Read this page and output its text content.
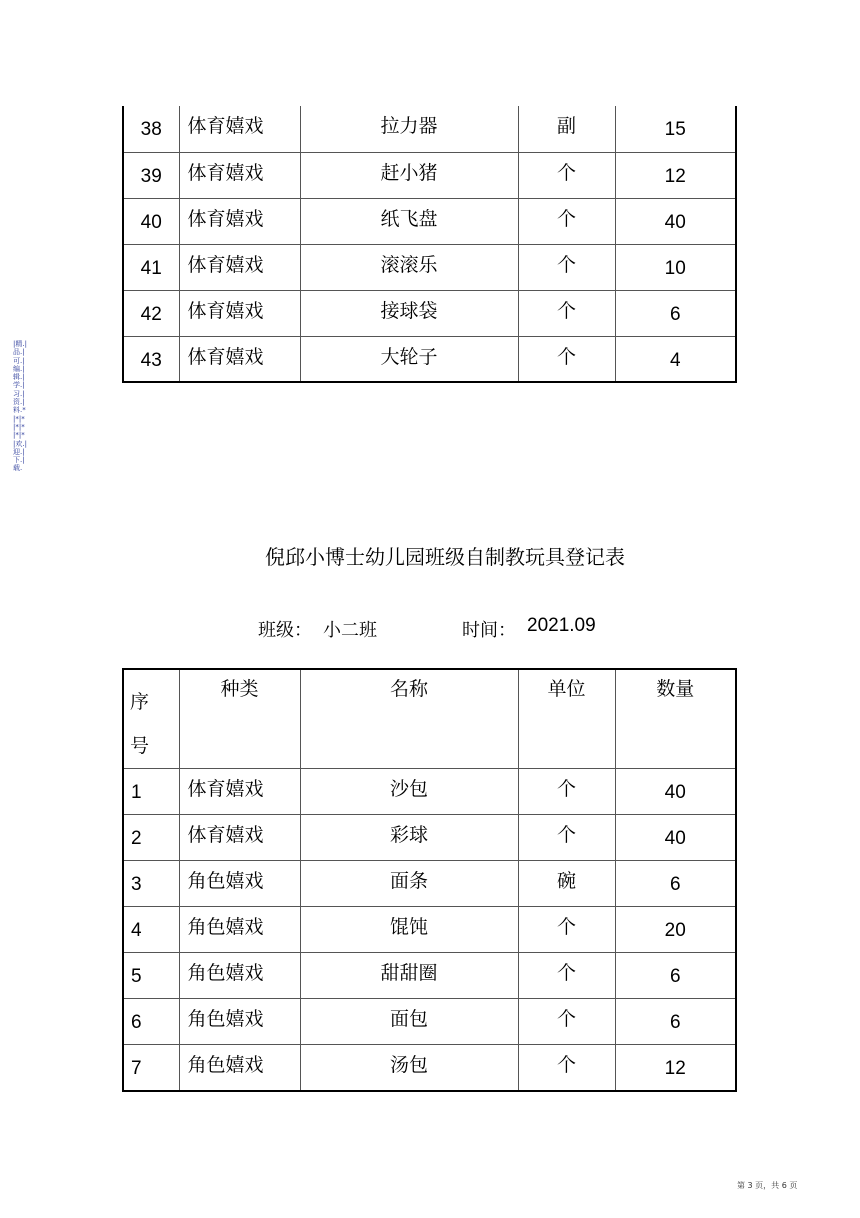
|精.|品.|可.|编.|辑.|学.|习.|资.|料.*|*|*|*|*|*|*|欢.|迎.|下.|载.
38	体育嬉戏	拉力器	副	15
39	体育嬉戏	赶小猪	个	12
40	体育嬉戏	纸飞盘	个	40
41	体育嬉戏	滚滚乐	个	10
42	体育嬉戏	接球袋	个	6
43	体育嬉戏	大轮子	个	4
倪邱小博士幼儿园班级自制教玩具登记表
班级： 小二班	时间： 2021.09
序
号	种类	名称	单位	数量
1	体育嬉戏	沙包	个	40
2	体育嬉戏	彩球	个	40
3	角色嬉戏	面条	碗	6
4	角色嬉戏	馄饨	个	20
5	角色嬉戏	甜甜圈	个	6
6	角色嬉戏	面包	个	6
7	角色嬉戏	汤包	个	12
第 3 页，共 6 页
